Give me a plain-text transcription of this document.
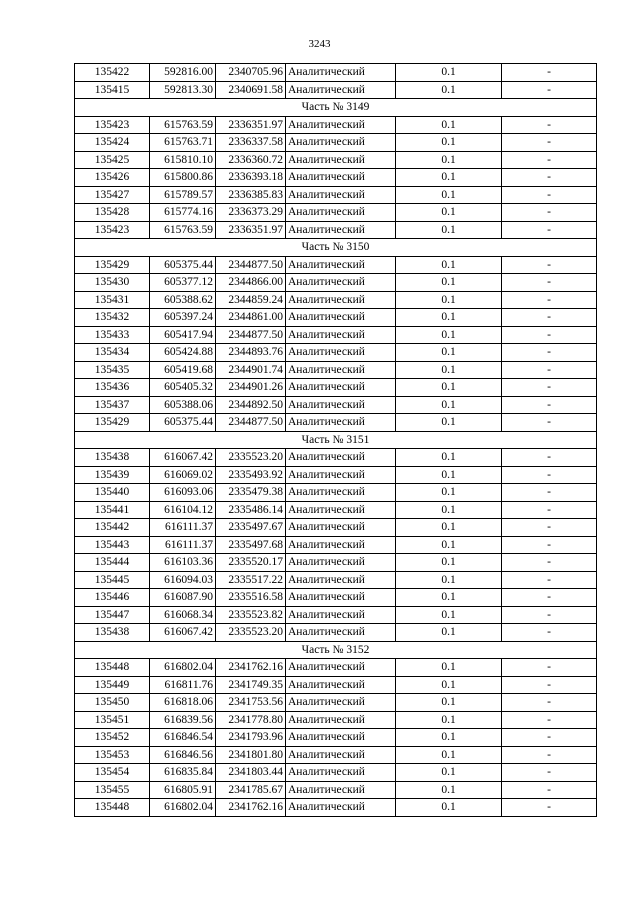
3243
135422	592816.00	2340705.96	Аналитический	0.1	-
135415	592813.30	2340691.58	Аналитический	0.1	-
Часть № 3149					
135423	615763.59	2336351.97	Аналитический	0.1	-
135424	615763.71	2336337.58	Аналитический	0.1	-
135425	615810.10	2336360.72	Аналитический	0.1	-
135426	615800.86	2336393.18	Аналитический	0.1	-
135427	615789.57	2336385.83	Аналитический	0.1	-
135428	615774.16	2336373.29	Аналитический	0.1	-
135423	615763.59	2336351.97	Аналитический	0.1	-
Часть № 3150					
135429	605375.44	2344877.50	Аналитический	0.1	-
135430	605377.12	2344866.00	Аналитический	0.1	-
135431	605388.62	2344859.24	Аналитический	0.1	-
135432	605397.24	2344861.00	Аналитический	0.1	-
135433	605417.94	2344877.50	Аналитический	0.1	-
135434	605424.88	2344893.76	Аналитический	0.1	-
135435	605419.68	2344901.74	Аналитический	0.1	-
135436	605405.32	2344901.26	Аналитический	0.1	-
135437	605388.06	2344892.50	Аналитический	0.1	-
135429	605375.44	2344877.50	Аналитический	0.1	-
Часть № 3151					
135438	616067.42	2335523.20	Аналитический	0.1	-
135439	616069.02	2335493.92	Аналитический	0.1	-
135440	616093.06	2335479.38	Аналитический	0.1	-
135441	616104.12	2335486.14	Аналитический	0.1	-
135442	616111.37	2335497.67	Аналитический	0.1	-
135443	616111.37	2335497.68	Аналитический	0.1	-
135444	616103.36	2335520.17	Аналитический	0.1	-
135445	616094.03	2335517.22	Аналитический	0.1	-
135446	616087.90	2335516.58	Аналитический	0.1	-
135447	616068.34	2335523.82	Аналитический	0.1	-
135438	616067.42	2335523.20	Аналитический	0.1	-
Часть № 3152					
135448	616802.04	2341762.16	Аналитический	0.1	-
135449	616811.76	2341749.35	Аналитический	0.1	-
135450	616818.06	2341753.56	Аналитический	0.1	-
135451	616839.56	2341778.80	Аналитический	0.1	-
135452	616846.54	2341793.96	Аналитический	0.1	-
135453	616846.56	2341801.80	Аналитический	0.1	-
135454	616835.84	2341803.44	Аналитический	0.1	-
135455	616805.91	2341785.67	Аналитический	0.1	-
135448	616802.04	2341762.16	Аналитический	0.1	-
